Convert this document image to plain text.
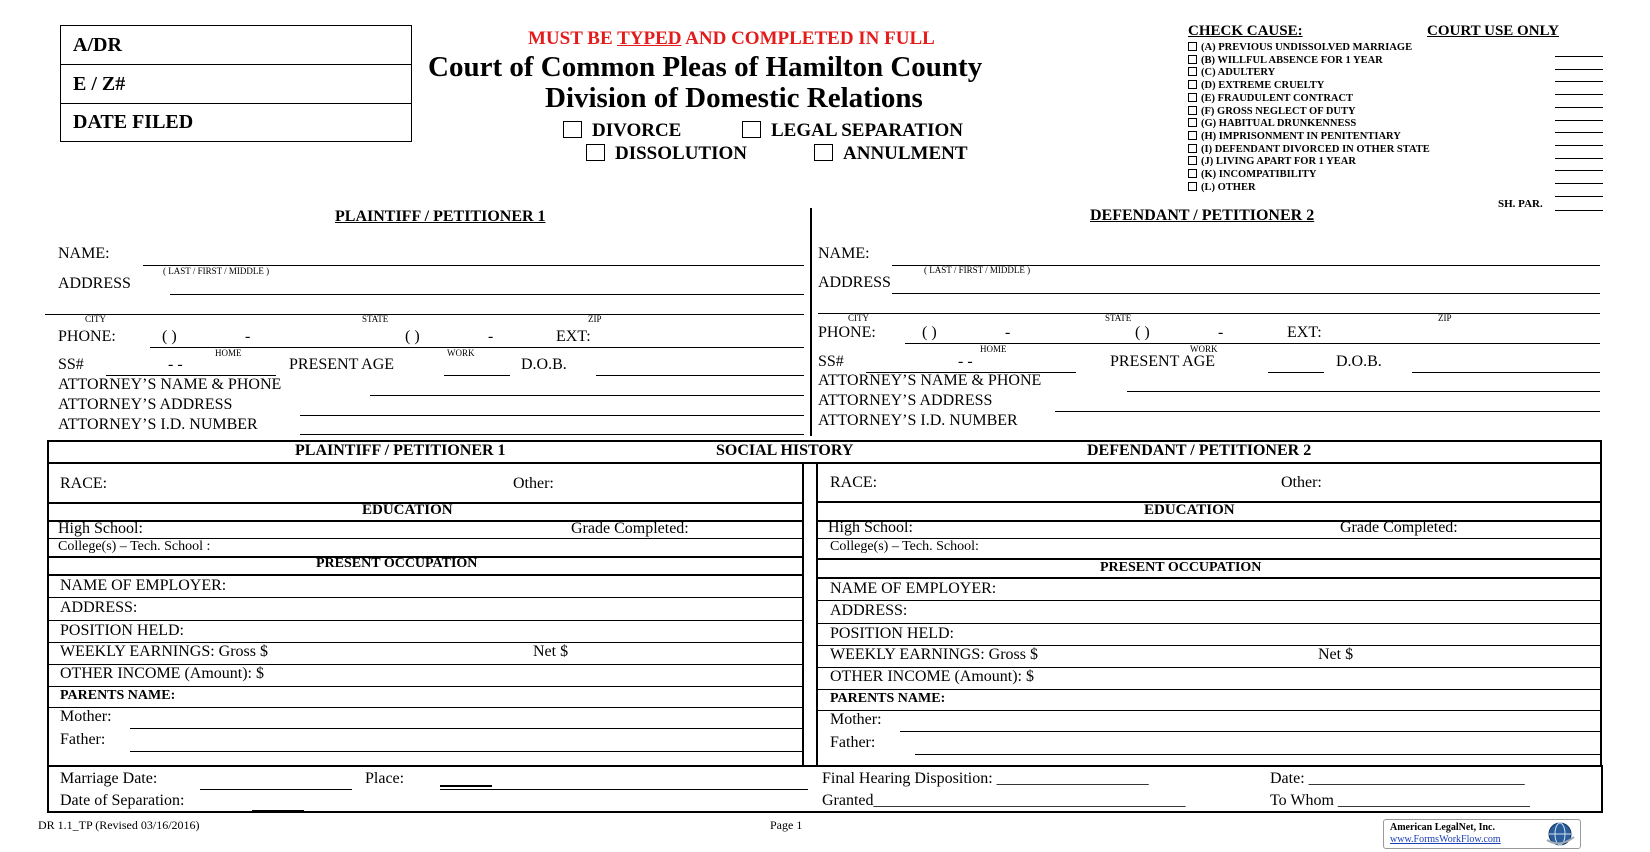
A/DR
E / Z#
DATE FILED
MUST BE TYPED AND COMPLETED IN FULL
Court of Common Pleas of Hamilton County
Division of Domestic Relations
DIVORCE	LEGAL SEPARATION
DISSOLUTION	ANNULMENT
CHECK CAUSE:	COURT USE ONLY
(A) PREVIOUS UNDISSOLVED MARRIAGE
(B) WILLFUL ABSENCE FOR 1 YEAR
(C) ADULTERY
(D) EXTREME CRUELTY
(E) FRAUDULENT CONTRACT
(F) GROSS NEGLECT OF DUTY
(G) HABITUAL DRUNKENNESS
(H) IMPRISONMENT IN PENITENTIARY
(I) DEFENDANT DIVORCED IN OTHER STATE
(J) LIVING APART FOR 1 YEAR
(K) INCOMPATIBILITY
(L) OTHER
SH. PAR.
PLAINTIFF / PETITIONER 1	DEFENDANT / PETITIONER 2
NAME:
( LAST / FIRST / MIDDLE )
ADDRESS
CITY	STATE	ZIP
PHONE:	( )	-	( )	-	EXT:
HOME	WORK
SS#	- -	PRESENT AGE	D.O.B.
ATTORNEY’S NAME & PHONE
ATTORNEY’S ADDRESS
ATTORNEY’S I.D. NUMBER
NAME:
( LAST / FIRST / MIDDLE )
ADDRESS
CITY	STATE	ZIP
PHONE:	( )	-	( )	-	EXT:
HOME	WORK
SS#	- -	PRESENT AGE	D.O.B.
ATTORNEY’S NAME & PHONE
ATTORNEY’S ADDRESS
ATTORNEY’S I.D. NUMBER
PLAINTIFF / PETITIONER 1	SOCIAL HISTORY	DEFENDANT / PETITIONER 2
RACE:	Other:
EDUCATION
High School:	Grade Completed:
College(s) – Tech. School :
PRESENT OCCUPATION
NAME OF EMPLOYER:
ADDRESS:
POSITION HELD:
WEEKLY EARNINGS: Gross $	Net $
OTHER INCOME (Amount): $
PARENTS NAME:
Mother:
Father:
RACE:	Other:
EDUCATION
High School:	Grade Completed:
College(s) – Tech. School:
PRESENT OCCUPATION
NAME OF EMPLOYER:
ADDRESS:
POSITION HELD:
WEEKLY EARNINGS: Gross $	Net $
OTHER INCOME (Amount): $
PARENTS NAME:
Mother:
Father:
Marriage Date:	Place:
Date of Separation:
Final Hearing Disposition: ___________________	Date: ___________________________
Granted_______________________________________	To Whom ________________________
DR 1.1_TP (Revised 03/16/2016)	Page 1	American LegalNet, Inc.
www.FormsWorkFlow.com
